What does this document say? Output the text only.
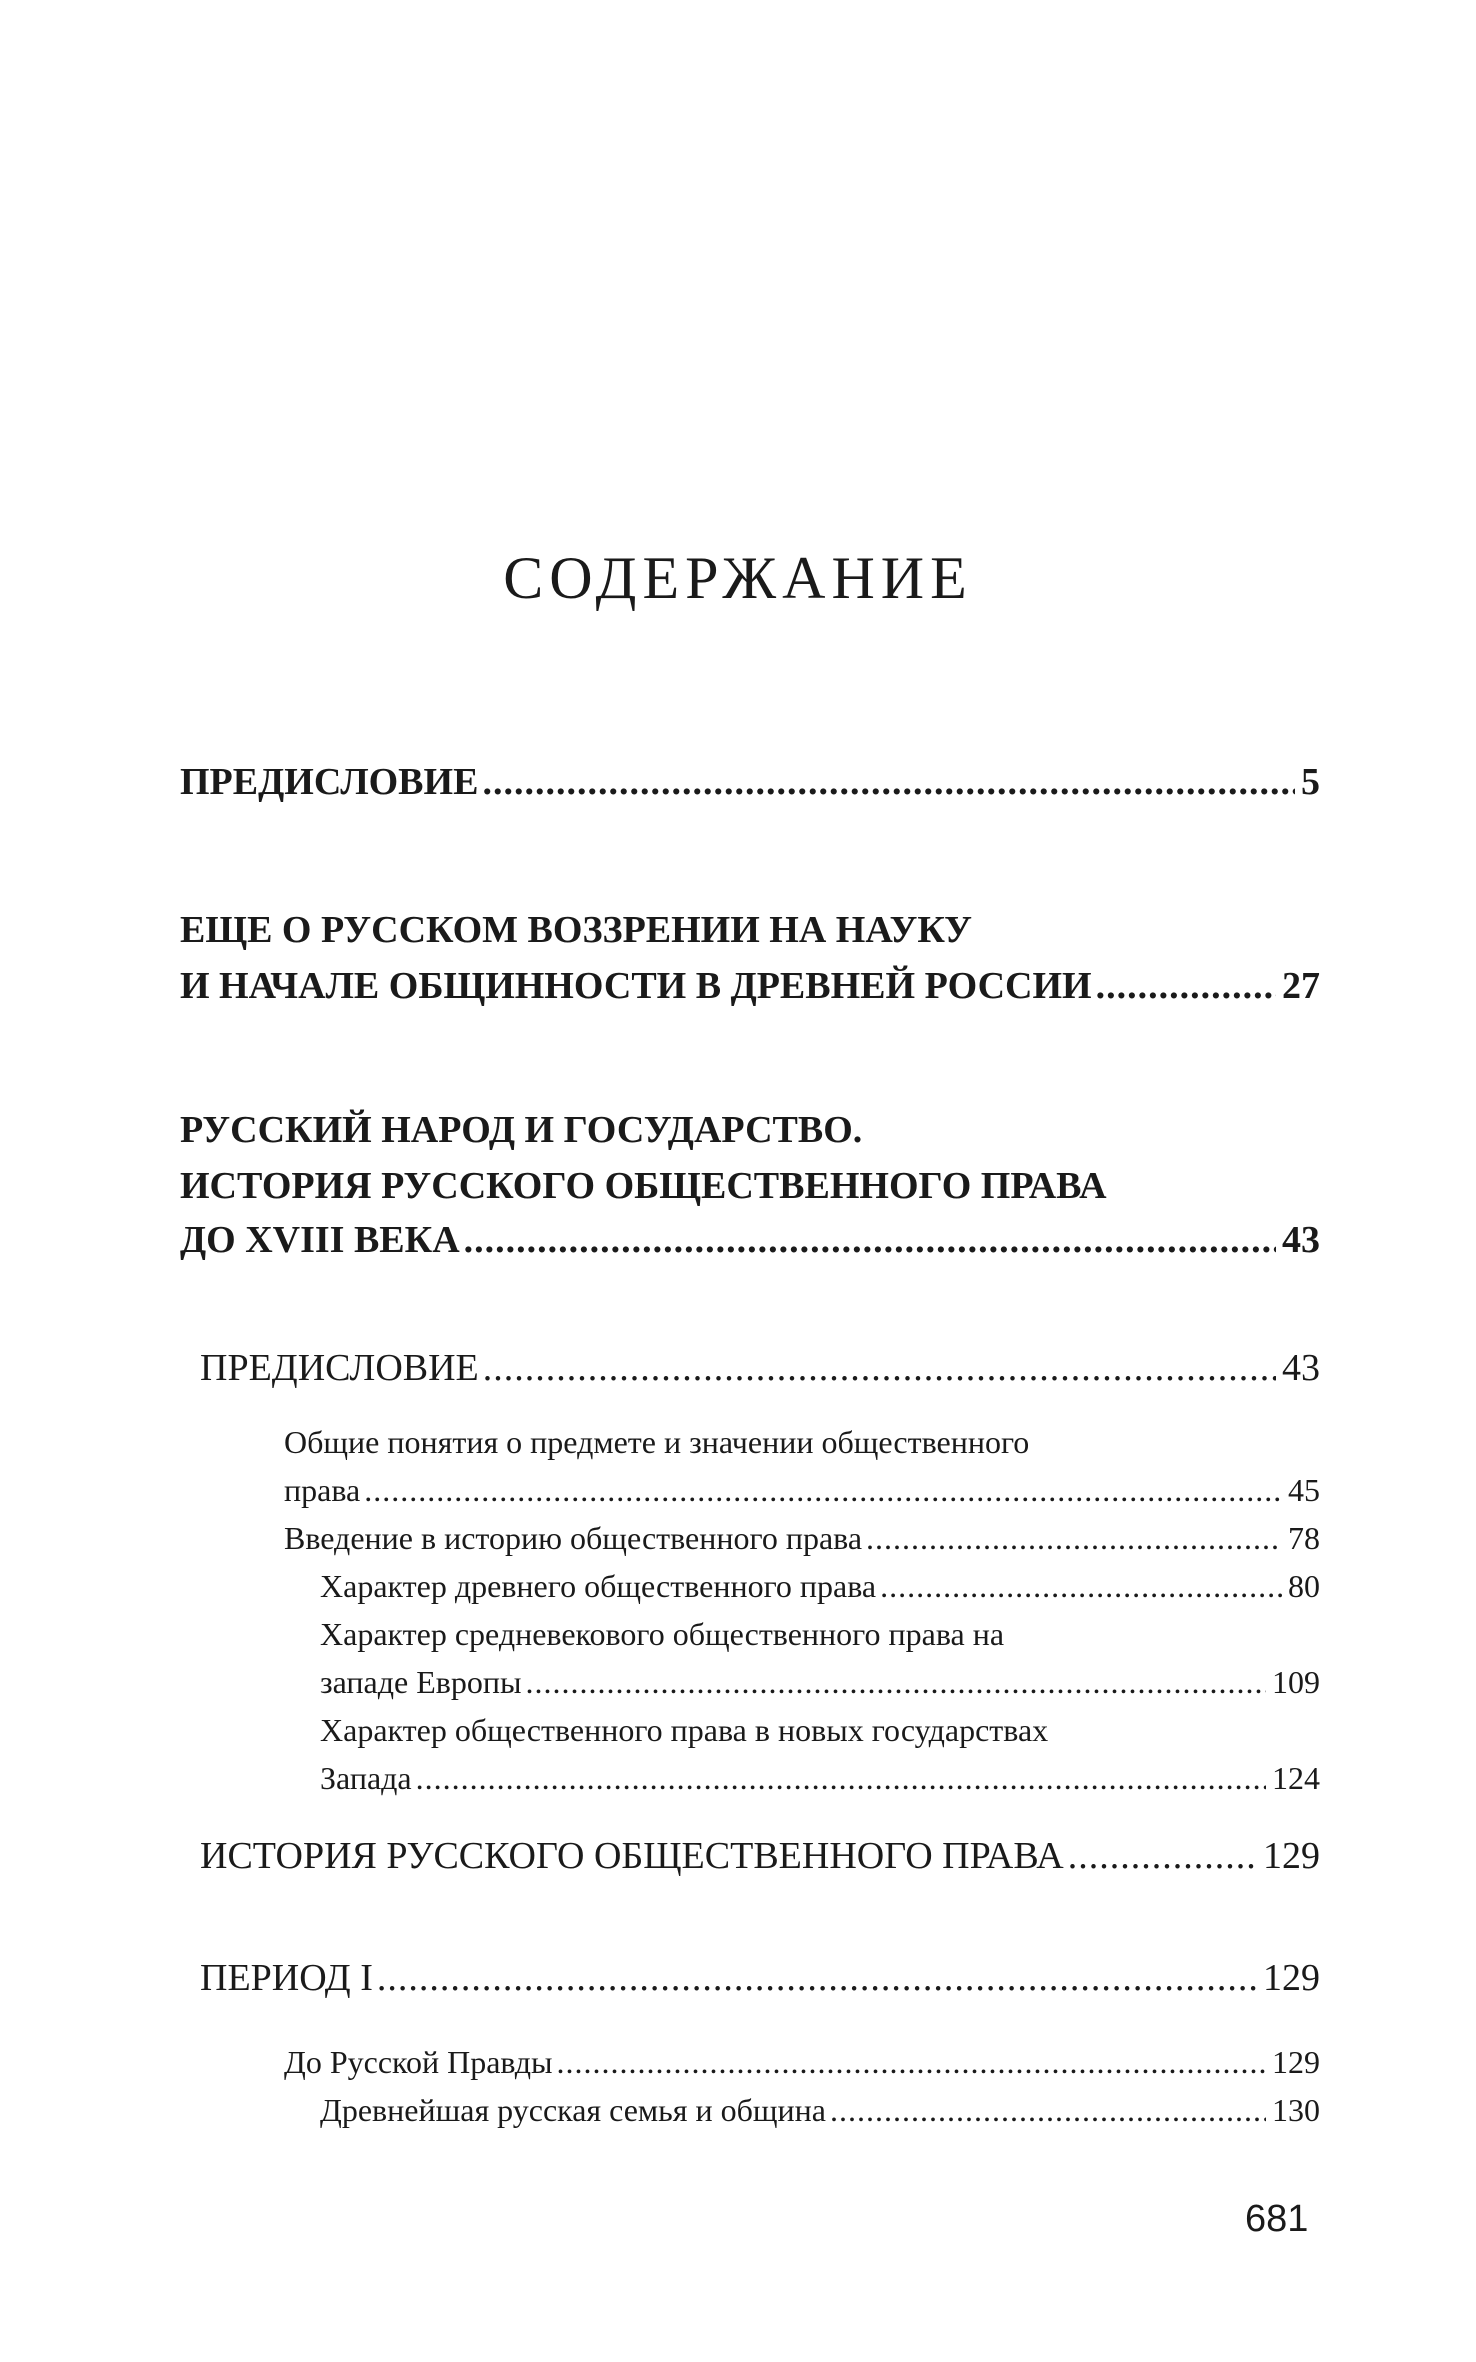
СОДЕРЖАНИЕ
ПРЕДИСЛОВИЕ .....	5
ЕЩЕ О РУССКОМ ВОЗЗРЕНИИ НА НАУКУ
И НАЧАЛЕ ОБЩИННОСТИ В ДРЕВНЕЙ РОССИИ .....	27
РУССКИЙ НАРОД И ГОСУДАРСТВО.
ИСТОРИЯ РУССКОГО ОБЩЕСТВЕННОГО ПРАВА
ДО XVIII ВЕКА .....	43
ПРЕДИСЛОВИЕ .....	43
Общие понятия о предмете и значении общественного
права .....	45
Введение в историю общественного права .....	78
Характер древнего общественного права .....	80
Характер средневекового общественного права на
западе Европы .....	109
Характер общественного права в новых государствах
Запада .....	124
ИСТОРИЯ РУССКОГО ОБЩЕСТВЕННОГО ПРАВА .....	129
ПЕРИОД I .....	129
До Русской Правды .....	129
Древнейшая русская семья и община .....	130
681
